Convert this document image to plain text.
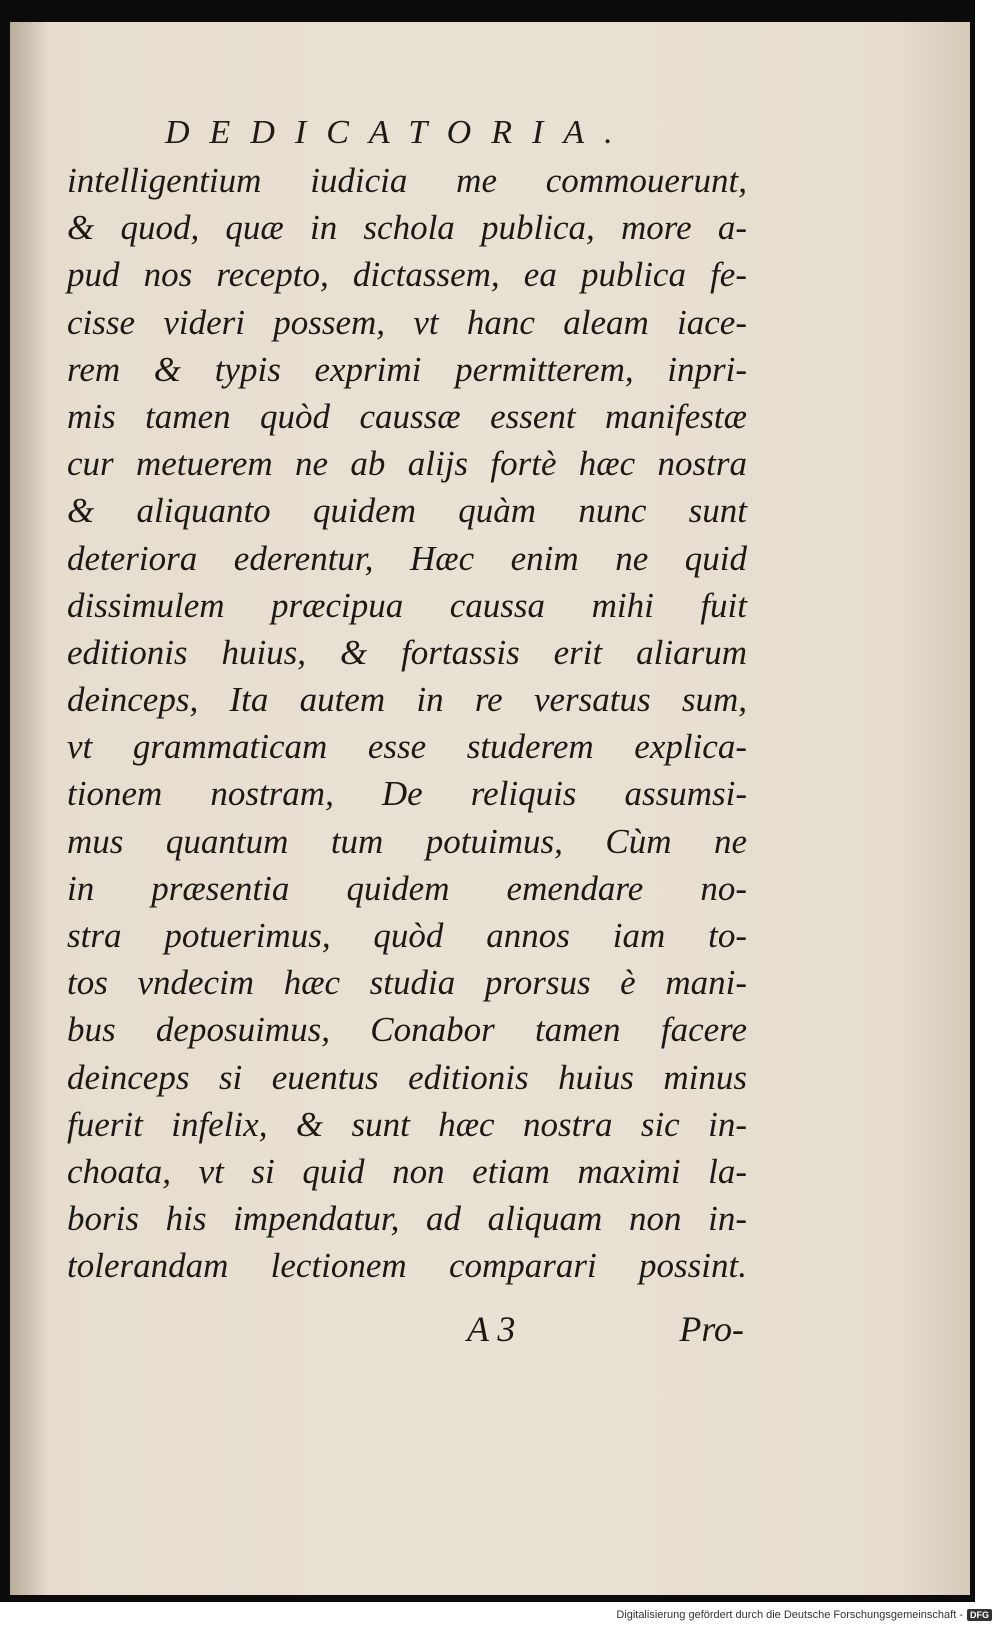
DEDICATORIA.
intelligentium iudicia me commouerunt,
& quod, quæ in schola publica, more a-
pud nos recepto, dictassem, ea publica fe-
cisse videri possem, vt hanc aleam iace-
rem & typis exprimi permitterem, inpri-
mis tamen quòd caussæ essent manifestæ
cur metuerem ne ab alijs fortè hæc nostra
& aliquanto quidem quàm nunc sunt
deteriora ederentur, Hæc enim ne quid
dissimulem præcipua caussa mihi fuit
editionis huius, & fortassis erit aliarum
deinceps, Ita autem in re versatus sum,
vt grammaticam esse studerem explica-
tionem nostram, De reliquis assumsi-
mus quantum tum potuimus, Cùm ne
in præsentia quidem emendare no-
stra potuerimus, quòd annos iam to-
tos vndecim hæc studia prorsus è mani-
bus deposuimus, Conabor tamen facere
deinceps si euentus editionis huius minus
fuerit infelix, & sunt hæc nostra sic in-
choata, vt si quid non etiam maximi la-
boris his impendatur, ad aliquam non in-
tolerandam lectionem comparari possint.
A 3	Pro-
Digitalisierung gefördert durch die Deutsche Forschungsgemeinschaft - DFG
